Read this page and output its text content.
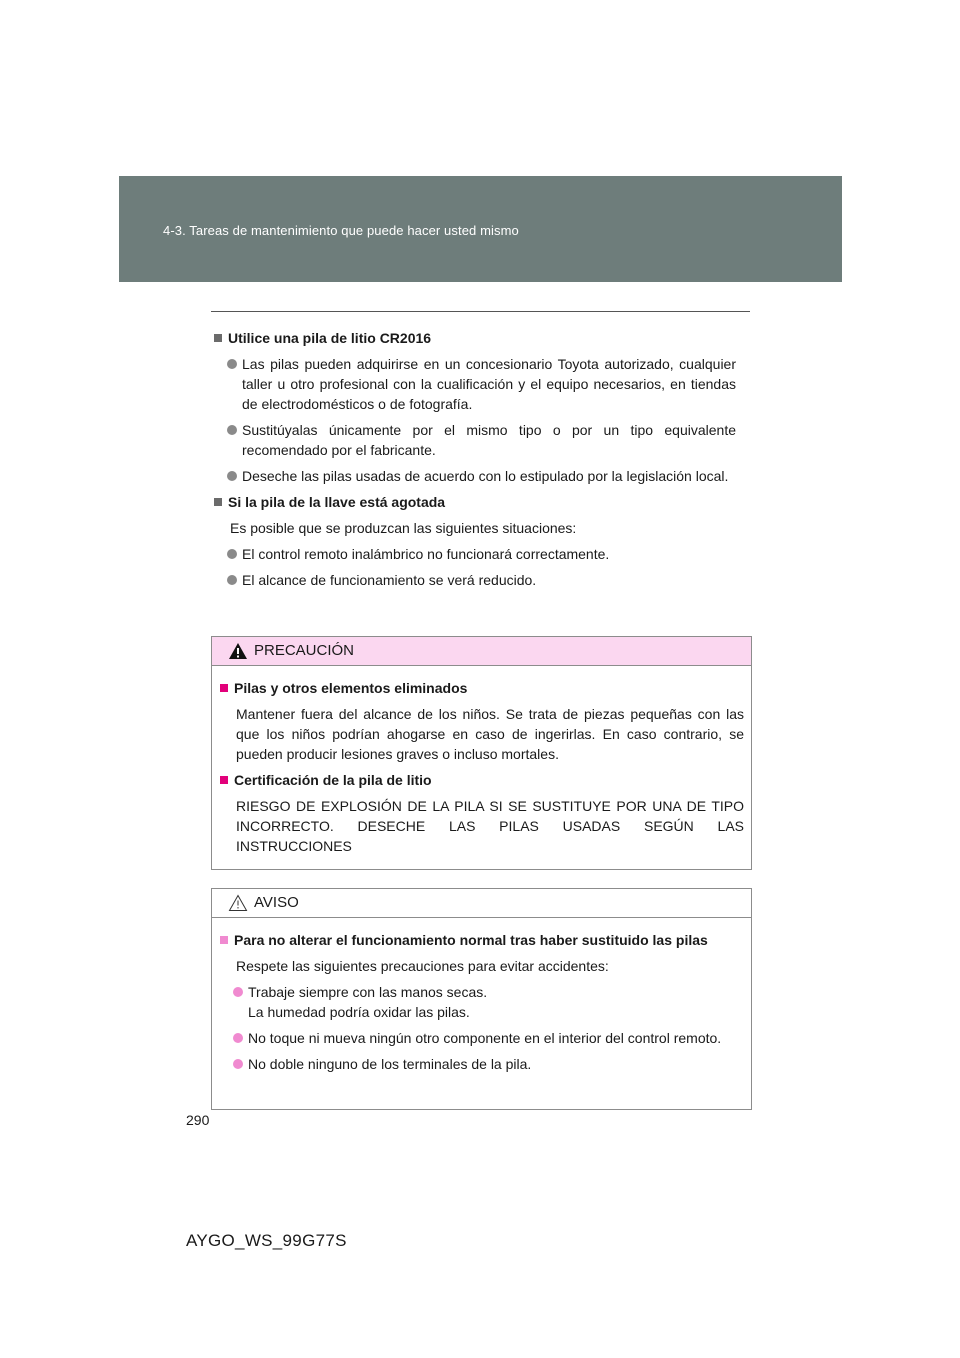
4-3. Tareas de mantenimiento que puede hacer usted mismo
Utilice una pila de litio CR2016
Las pilas pueden adquirirse en un concesionario Toyota autorizado, cualquier taller u otro profesional con la cualificación y el equipo necesarios, en tiendas de electrodomésticos o de fotografía.
Sustitúyalas únicamente por el mismo tipo o por un tipo equivalente recomendado por el fabricante.
Deseche las pilas usadas de acuerdo con lo estipulado por la legislación local.
Si la pila de la llave está agotada
Es posible que se produzcan las siguientes situaciones:
El control remoto inalámbrico no funcionará correctamente.
El alcance de funcionamiento se verá reducido.
PRECAUCIÓN
Pilas y otros elementos eliminados
Mantener fuera del alcance de los niños. Se trata de piezas pequeñas con las que los niños podrían ahogarse en caso de ingerirlas. En caso contrario, se pueden producir lesiones graves o incluso mortales.
Certificación de la pila de litio
RIESGO DE EXPLOSIÓN DE LA PILA SI SE SUSTITUYE POR UNA DE TIPO INCORRECTO. DESECHE LAS PILAS USADAS SEGÚN LAS INSTRUCCIONES
AVISO
Para no alterar el funcionamiento normal tras haber sustituido las pilas
Respete las siguientes precauciones para evitar accidentes:
Trabaje siempre con las manos secas.
La humedad podría oxidar las pilas.
No toque ni mueva ningún otro componente en el interior del control remoto.
No doble ninguno de los terminales de la pila.
290
AYGO_WS_99G77S
